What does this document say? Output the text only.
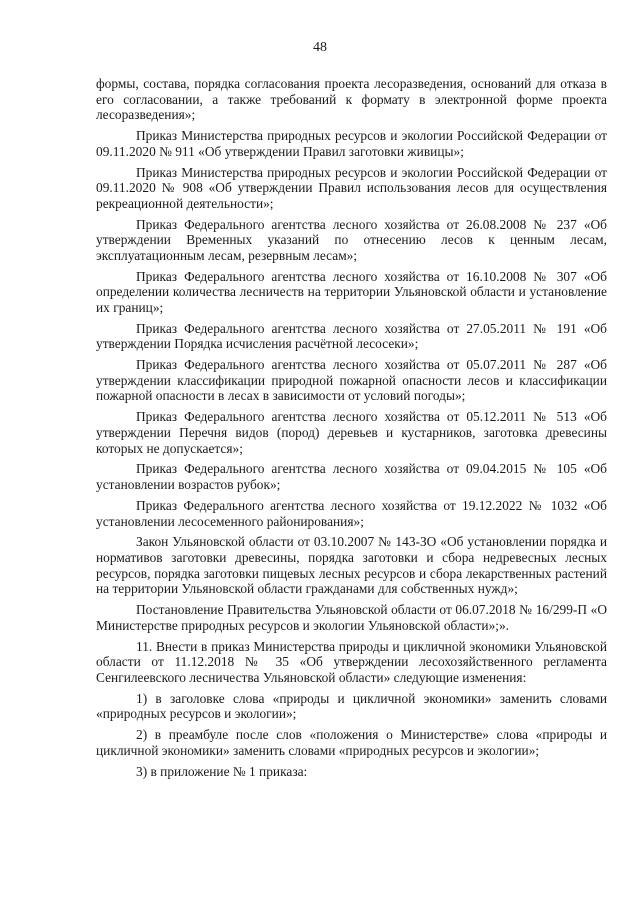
48

формы, состава, порядка согласования проекта лесоразведения, оснований для отказа в его согласовании, а также требований к формату в электронной форме проекта лесоразведения»;

Приказ Министерства природных ресурсов и экологии Российской Федерации от 09.11.2020 № 911 «Об утверждении Правил заготовки живицы»;

Приказ Министерства природных ресурсов и экологии Российской Федерации от 09.11.2020 № 908 «Об утверждении Правил использования лесов для осуществления рекреационной деятельности»;

Приказ Федерального агентства лесного хозяйства от 26.08.2008 № 237 «Об утверждении Временных указаний по отнесению лесов к ценным лесам, эксплуатационным лесам, резервным лесам»;

Приказ Федерального агентства лесного хозяйства от 16.10.2008 № 307 «Об определении количества лесничеств на территории Ульяновской области и установление их границ»;

Приказ Федерального агентства лесного хозяйства от 27.05.2011 № 191 «Об утверждении Порядка исчисления расчётной лесосеки»;

Приказ Федерального агентства лесного хозяйства от 05.07.2011 № 287 «Об утверждении классификации природной пожарной опасности лесов и классификации пожарной опасности в лесах в зависимости от условий погоды»;

Приказ Федерального агентства лесного хозяйства от 05.12.2011 № 513 «Об утверждении Перечня видов (пород) деревьев и кустарников, заготовка древесины которых не допускается»;

Приказ Федерального агентства лесного хозяйства от 09.04.2015 № 105 «Об установлении возрастов рубок»;

Приказ Федерального агентства лесного хозяйства от 19.12.2022 № 1032 «Об установлении лесосеменного районирования»;

Закон Ульяновской области от 03.10.2007 № 143-ЗО «Об установлении порядка и нормативов заготовки древесины, порядка заготовки и сбора недревесных лесных ресурсов, порядка заготовки пищевых лесных ресурсов и сбора лекарственных растений на территории Ульяновской области гражданами для собственных нужд»;

Постановление Правительства Ульяновской области от 06.07.2018 № 16/299-П «О Министерстве природных ресурсов и экологии Ульяновской области»;».

11. Внести в приказ Министерства природы и цикличной экономики Ульяновской области от 11.12.2018 № 35 «Об утверждении лесохозяйственного регламента Сенгилеевского лесничества Ульяновской области» следующие изменения:

1) в заголовке слова «природы и цикличной экономики» заменить словами «природных ресурсов и экологии»;

2) в преамбуле после слов «положения о Министерстве» слова «природы и цикличной экономики» заменить словами «природных ресурсов и экологии»;

3) в приложение № 1 приказа:
